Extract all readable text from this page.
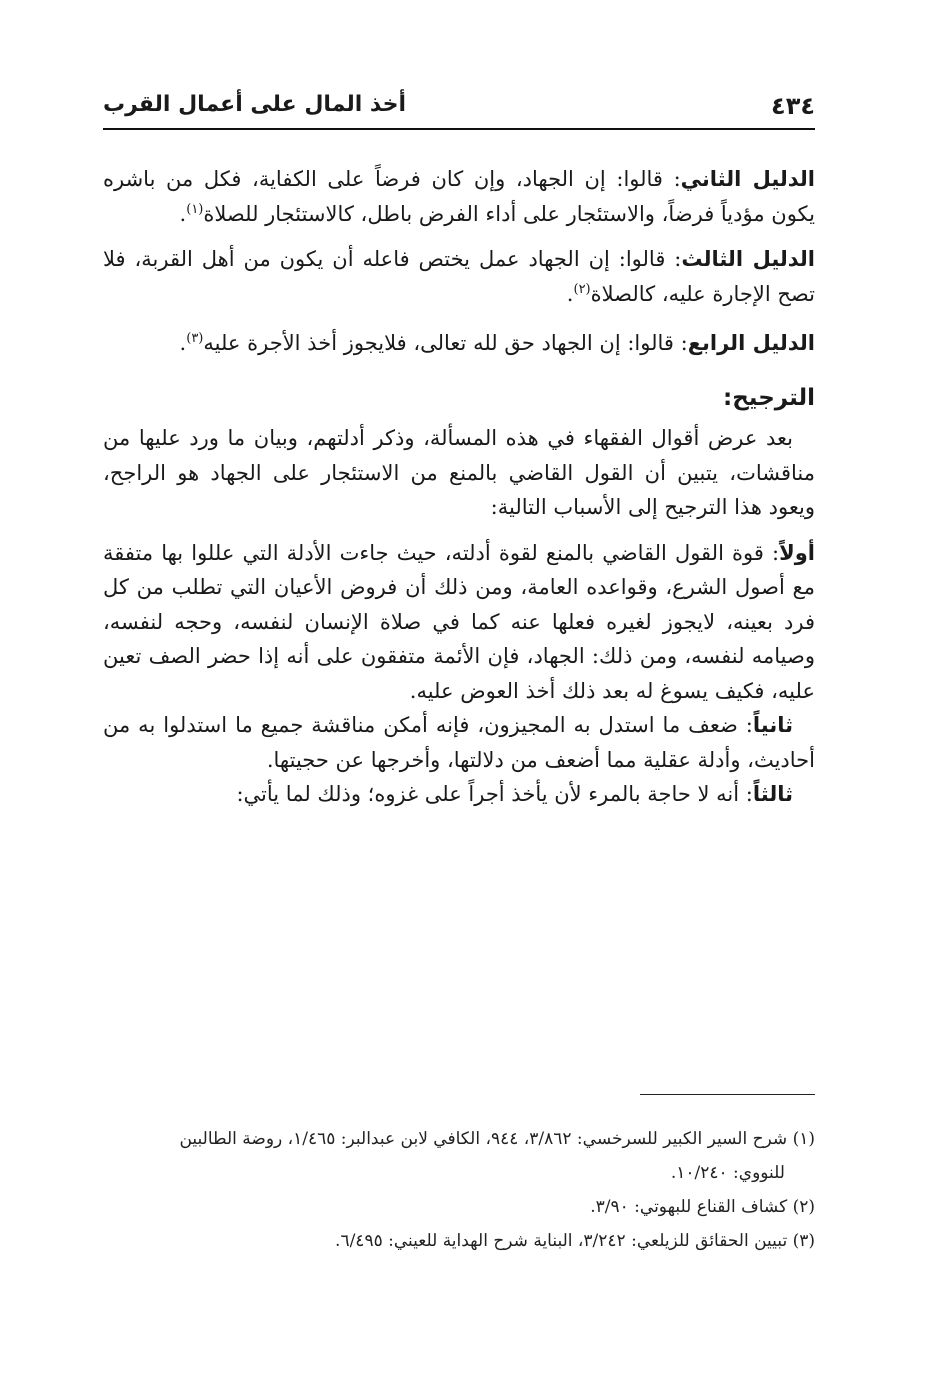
٤٣٤
أخذ المال على أعمال القرب

الدليل الثاني: قالوا: إن الجهاد، وإن كان فرضاً على الكفاية، فكل من باشره يكون مؤدياً فرضاً، والاستئجار على أداء الفرض باطل، كالاستئجار للصلاة$^{(١)}$.

الدليل الثالث: قالوا: إن الجهاد عمل يختص فاعله أن يكون من أهل القربة، فلا تصح الإجارة عليه، كالصلاة$^{(٢)}$.

الدليل الرابع: قالوا: إن الجهاد حق لله تعالى، فلايجوز أخذ الأجرة عليه$^{(٣)}$.

الترجيح:

بعد عرض أقوال الفقهاء في هذه المسألة، وذكر أدلتهم، وبيان ما ورد عليها من مناقشات، يتبين أن القول القاضي بالمنع من الاستئجار على الجهاد هو الراجح، ويعود هذا الترجيح إلى الأسباب التالية:

أولاً: قوة القول القاضي بالمنع لقوة أدلته، حيث جاءت الأدلة التي عللوا بها متفقة مع أصول الشرع، وقواعده العامة، ومن ذلك أن فروض الأعيان التي تطلب من كل فرد بعينه، لايجوز لغيره فعلها عنه كما في صلاة الإنسان لنفسه، وحجه لنفسه، وصيامه لنفسه، ومن ذلك: الجهاد، فإن الأئمة متفقون على أنه إذا حضر الصف تعين عليه، فكيف يسوغ له بعد ذلك أخذ العوض عليه.

ثانياً: ضعف ما استدل به المجيزون، فإنه أمكن مناقشة جميع ما استدلوا به من أحاديث، وأدلة عقلية مما أضعف من دلالتها، وأخرجها عن حجيتها.

ثالثاً: أنه لا حاجة بالمرء لأن يأخذ أجراً على غزوه؛ وذلك لما يأتي:

(١) شرح السير الكبير للسرخسي: ٣/٨٦٢، ٩٤٤، الكافي لابن عبدالبر: ١/٤٦٥، روضة الطالبين

للنووي: ١٠/٢٤٠.

(٢) كشاف القناع للبهوتي: ٣/٩٠.

(٣) تبيين الحقائق للزيلعي: ٣/٢٤٢، البناية شرح الهداية للعيني: ٦/٤٩٥.
